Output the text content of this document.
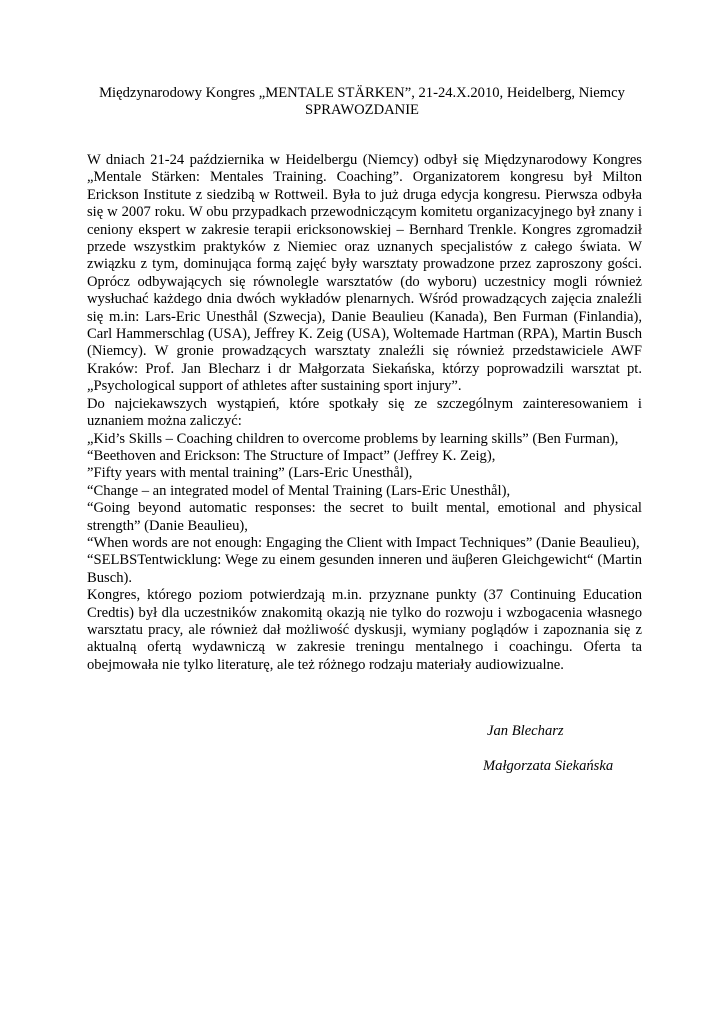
Międzynarodowy Kongres „MENTALE STÄRKEN”, 21-24.X.2010, Heidelberg, Niemcy
SPRAWOZDANIE

W dniach 21-24 października w Heidelbergu (Niemcy) odbył się Międzynarodowy Kongres „Mentale Stärken: Mentales Training. Coaching”. Organizatorem kongresu był Milton Erickson Institute z siedzibą w Rottweil. Była to już druga edycja kongresu. Pierwsza odbyła się w 2007 roku. W obu przypadkach przewodniczącym komitetu organizacyjnego był znany i ceniony ekspert w zakresie terapii ericksonowskiej – Bernhard Trenkle. Kongres zgromadził przede wszystkim praktyków z Niemiec oraz uznanych specjalistów z całego świata. W związku z tym, dominująca formą zajęć były warsztaty prowadzone przez zaproszony gości. Oprócz odbywających się równolegle warsztatów (do wyboru) uczestnicy mogli również wysłuchać każdego dnia dwóch wykładów plenarnych. Wśród prowadzących zajęcia znaleźli się m.in: Lars-Eric Unesthål (Szwecja), Danie Beaulieu (Kanada), Ben Furman (Finlandia), Carl Hammerschlag (USA), Jeffrey K. Zeig (USA), Woltemade Hartman (RPA), Martin Busch (Niemcy). W gronie prowadzących warsztaty znaleźli się również przedstawiciele AWF Kraków: Prof. Jan Blecharz i dr Małgorzata Siekańska, którzy poprowadzili warsztat pt. „Psychological support of athletes after sustaining sport injury”.

Do najciekawszych wystąpień, które spotkały się ze szczególnym zainteresowaniem i uznaniem można zaliczyć:

„Kid’s Skills – Coaching children to overcome problems by learning skills” (Ben Furman),

“Beethoven and Erickson: The Structure of Impact” (Jeffrey K. Zeig),

”Fifty years with mental training” (Lars-Eric Unesthål),

“Change – an integrated model of Mental Training (Lars-Eric Unesthål),

“Going beyond automatic responses: the secret to built mental, emotional and physical strength” (Danie Beaulieu),

“When words are not enough: Engaging the Client with Impact Techniques” (Danie Beaulieu),

“SELBSTentwicklung: Wege zu einem gesunden inneren und äuβeren Gleichgewicht“ (Martin Busch).

Kongres, którego poziom potwierdzają m.in. przyznane punkty (37 Continuing Education Credtis) był dla uczestników znakomitą okazją nie tylko do rozwoju i wzbogacenia własnego warsztatu pracy, ale również dał możliwość dyskusji, wymiany poglądów i zapoznania się z aktualną ofertą wydawniczą w zakresie treningu mentalnego i coachingu. Oferta ta obejmowała nie tylko literaturę, ale też różnego rodzaju materiały audiowizualne.

Jan Blecharz
Małgorzata Siekańska
